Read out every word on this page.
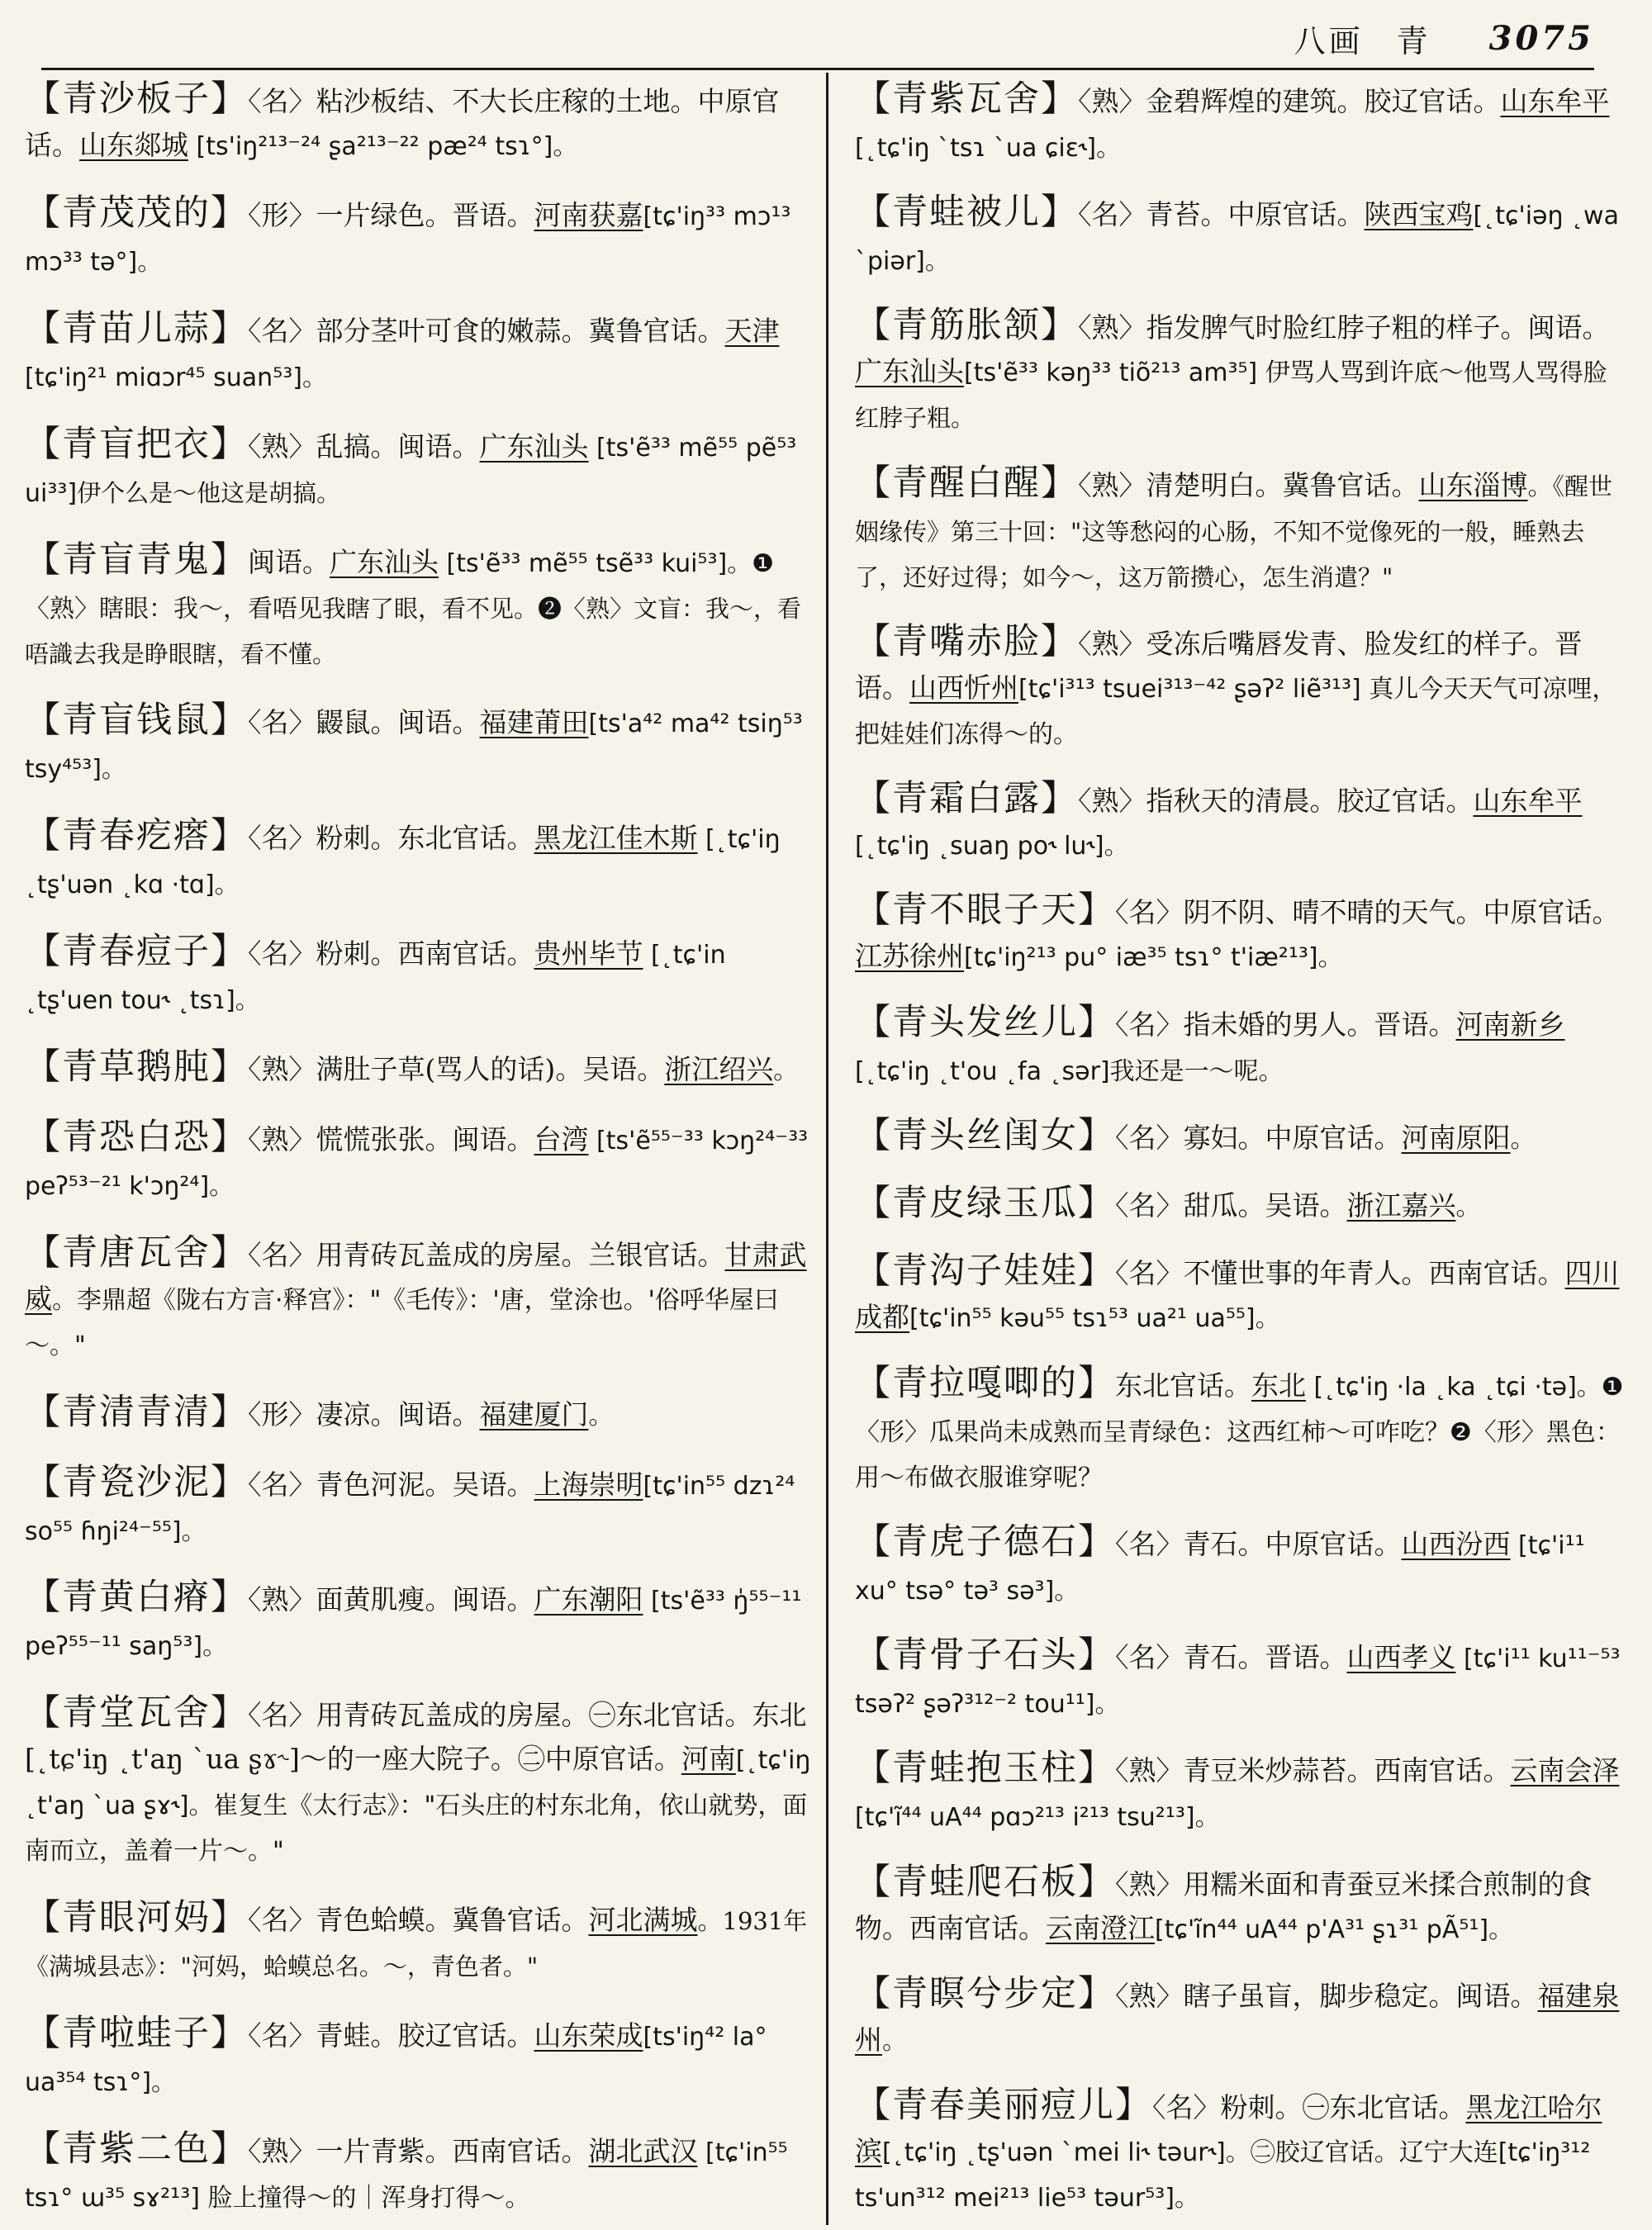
八画 青 3075
【青沙板子】〈名〉粘沙板结、不大长庄稼的土地。中原官话。山东郯城 [ts'iŋ²¹³⁻²⁴ ʂa²¹³⁻²² pæ²⁴ tsɿ°]。
【青茂茂的】〈形〉一片绿色。晋语。河南获嘉[tɕ'iŋ³³ mɔ¹³ mɔ³³ tə°]。
【青苗儿蒜】〈名〉部分茎叶可食的嫩蒜。冀鲁官话。天津 [tɕ'iŋ²¹ miɑɔr⁴⁵ suan⁵³]。
【青盲把衣】〈熟〉乱搞。闽语。广东汕头 [ts'ẽ³³ mẽ⁵⁵ pẽ⁵³ ui³³]伊个么是～他这是胡搞。
【青盲青鬼】闽语。广东汕头 [ts'ẽ³³ mẽ⁵⁵ tsẽ³³ kui⁵³]。❶〈熟〉瞎眼：我～，看唔见我瞎了眼，看不见。❷〈熟〉文盲：我～，看唔識去我是睁眼瞎，看不懂。
【青盲钱鼠】〈名〉鼹鼠。闽语。福建莆田[ts'a⁴² ma⁴² tsiŋ⁵³ tsy⁴⁵³]。
【青春疙瘩】〈名〉粉刺。东北官话。黑龙江佳木斯 [˛tɕ'iŋ ˛tʂ'uən ˛kɑ ·tɑ]。
【青春痘子】〈名〉粉刺。西南官话。贵州毕节 [˛tɕ'in ˛tʂ'uen tou˞ ˛tsɿ]。
【青草鹅肫】〈熟〉满肚子草(骂人的话)。吴语。浙江绍兴。
【青恐白恐】〈熟〉慌慌张张。闽语。台湾 [ts'ẽ⁵⁵⁻³³ kɔŋ²⁴⁻³³ peʔ⁵³⁻²¹ k'ɔŋ²⁴]。
【青唐瓦舍】〈名〉用青砖瓦盖成的房屋。兰银官话。甘肃武威。李鼎超《陇右方言·释宫》："《毛传》：'唐，堂涂也。'俗呼华屋曰～。"
【青清青清】〈形〉凄凉。闽语。福建厦门。
【青瓷沙泥】〈名〉青色河泥。吴语。上海崇明[tɕ'in⁵⁵ dzɿ²⁴ so⁵⁵ ɦŋi²⁴⁻⁵⁵]。
【青黄白瘠】〈熟〉面黄肌瘦。闽语。广东潮阳 [ts'ẽ³³ ŋ̍⁵⁵⁻¹¹ peʔ⁵⁵⁻¹¹ saŋ⁵³]。
【青堂瓦舍】〈名〉用青砖瓦盖成的房屋。㊀东北官话。东北 [˛tɕ'iŋ ˛t'aŋ ˋua ʂɤ˞]～的一座大院子。㊁中原官话。河南[˛tɕ'iŋ ˛t'aŋ ˋua ʂɤ˞]。崔复生《太行志》："石头庄的村东北角，依山就势，面南而立，盖着一片～。"
【青眼河妈】〈名〉青色蛤蟆。冀鲁官话。河北满城。1931年《满城县志》："河妈，蛤蟆总名。～，青色者。"
【青啦蛙子】〈名〉青蛙。胶辽官话。山东荣成[ts'iŋ⁴² la° ua³⁵⁴ tsɿ°]。
【青紫二色】〈熟〉一片青紫。西南官话。湖北武汉 [tɕ'in⁵⁵ tsɿ° ɯ³⁵ sɤ²¹³] 脸上撞得～的｜浑身打得～。
【青紫瓦舍】〈熟〉金碧辉煌的建筑。胶辽官话。山东牟平 [˛tɕ'iŋ ˋtsɿ ˋua ɕiɛ˞]。
【青蛙被儿】〈名〉青苔。中原官话。陕西宝鸡[˛tɕ'iəŋ ˛wa ˋpiər]。
【青筋胀颔】〈熟〉指发脾气时脸红脖子粗的样子。闽语。广东汕头[ts'ẽ³³ kəŋ³³ tiõ²¹³ am³⁵] 伊骂人骂到许底～他骂人骂得脸红脖子粗。
【青醒白醒】〈熟〉清楚明白。冀鲁官话。山东淄博。《醒世姻缘传》第三十回："这等愁闷的心肠，不知不觉像死的一般，睡熟去了，还好过得；如今～，这万箭攒心，怎生消遣？"
【青嘴赤脸】〈熟〉受冻后嘴唇发青、脸发红的样子。晋语。山西忻州[tɕ'i³¹³ tsuei³¹³⁻⁴² ʂəʔ² liẽ³¹³] 真儿今天天气可凉哩，把娃娃们冻得～的。
【青霜白露】〈熟〉指秋天的清晨。胶辽官话。山东牟平[˛tɕ'iŋ ˛suaŋ po˞ lu˞]。
【青不眼子天】〈名〉阴不阴、晴不晴的天气。中原官话。江苏徐州[tɕ'iŋ²¹³ pu° iæ³⁵ tsɿ° t'iæ²¹³]。
【青头发丝儿】〈名〉指未婚的男人。晋语。河南新乡 [˛tɕ'iŋ ˛t'ou ˛fa ˛sər]我还是一～呢。
【青头丝闺女】〈名〉寡妇。中原官话。河南原阳。
【青皮绿玉瓜】〈名〉甜瓜。吴语。浙江嘉兴。
【青沟子娃娃】〈名〉不懂世事的年青人。西南官话。四川成都[tɕ'in⁵⁵ kəu⁵⁵ tsɿ⁵³ ua²¹ ua⁵⁵]。
【青拉嘎唧的】东北官话。东北 [˛tɕ'iŋ ·la ˛ka ˛tɕi ·tə]。❶〈形〉瓜果尚未成熟而呈青绿色：这西红柿～可咋吃？❷〈形〉黑色：用～布做衣服谁穿呢？
【青虎子德石】〈名〉青石。中原官话。山西汾西 [tɕ'i¹¹ xu° tsə° tə³ sə³]。
【青骨子石头】〈名〉青石。晋语。山西孝义 [tɕ'i¹¹ ku¹¹⁻⁵³ tsəʔ² ʂəʔ³¹²⁻² tou¹¹]。
【青蛙抱玉柱】〈熟〉青豆米炒蒜苔。西南官话。云南会泽 [tɕ'ĩ⁴⁴ uA⁴⁴ pɑɔ²¹³ i²¹³ tsu²¹³]。
【青蛙爬石板】〈熟〉用糯米面和青蚕豆米揉合煎制的食物。西南官话。云南澄江[tɕ'ĩn⁴⁴ uA⁴⁴ p'A³¹ ʂɿ³¹ pÃ⁵¹]。
【青瞑兮步定】〈熟〉瞎子虽盲，脚步稳定。闽语。福建泉州。
【青春美丽痘儿】〈名〉粉刺。㊀东北官话。黑龙江哈尔滨[˛tɕ'iŋ ˛tʂ'uən ˋmei li˞ təur˞]。㊁胶辽官话。辽宁大连[tɕ'iŋ³¹² ts'un³¹² mei²¹³ lie⁵³ təur⁵³]。
